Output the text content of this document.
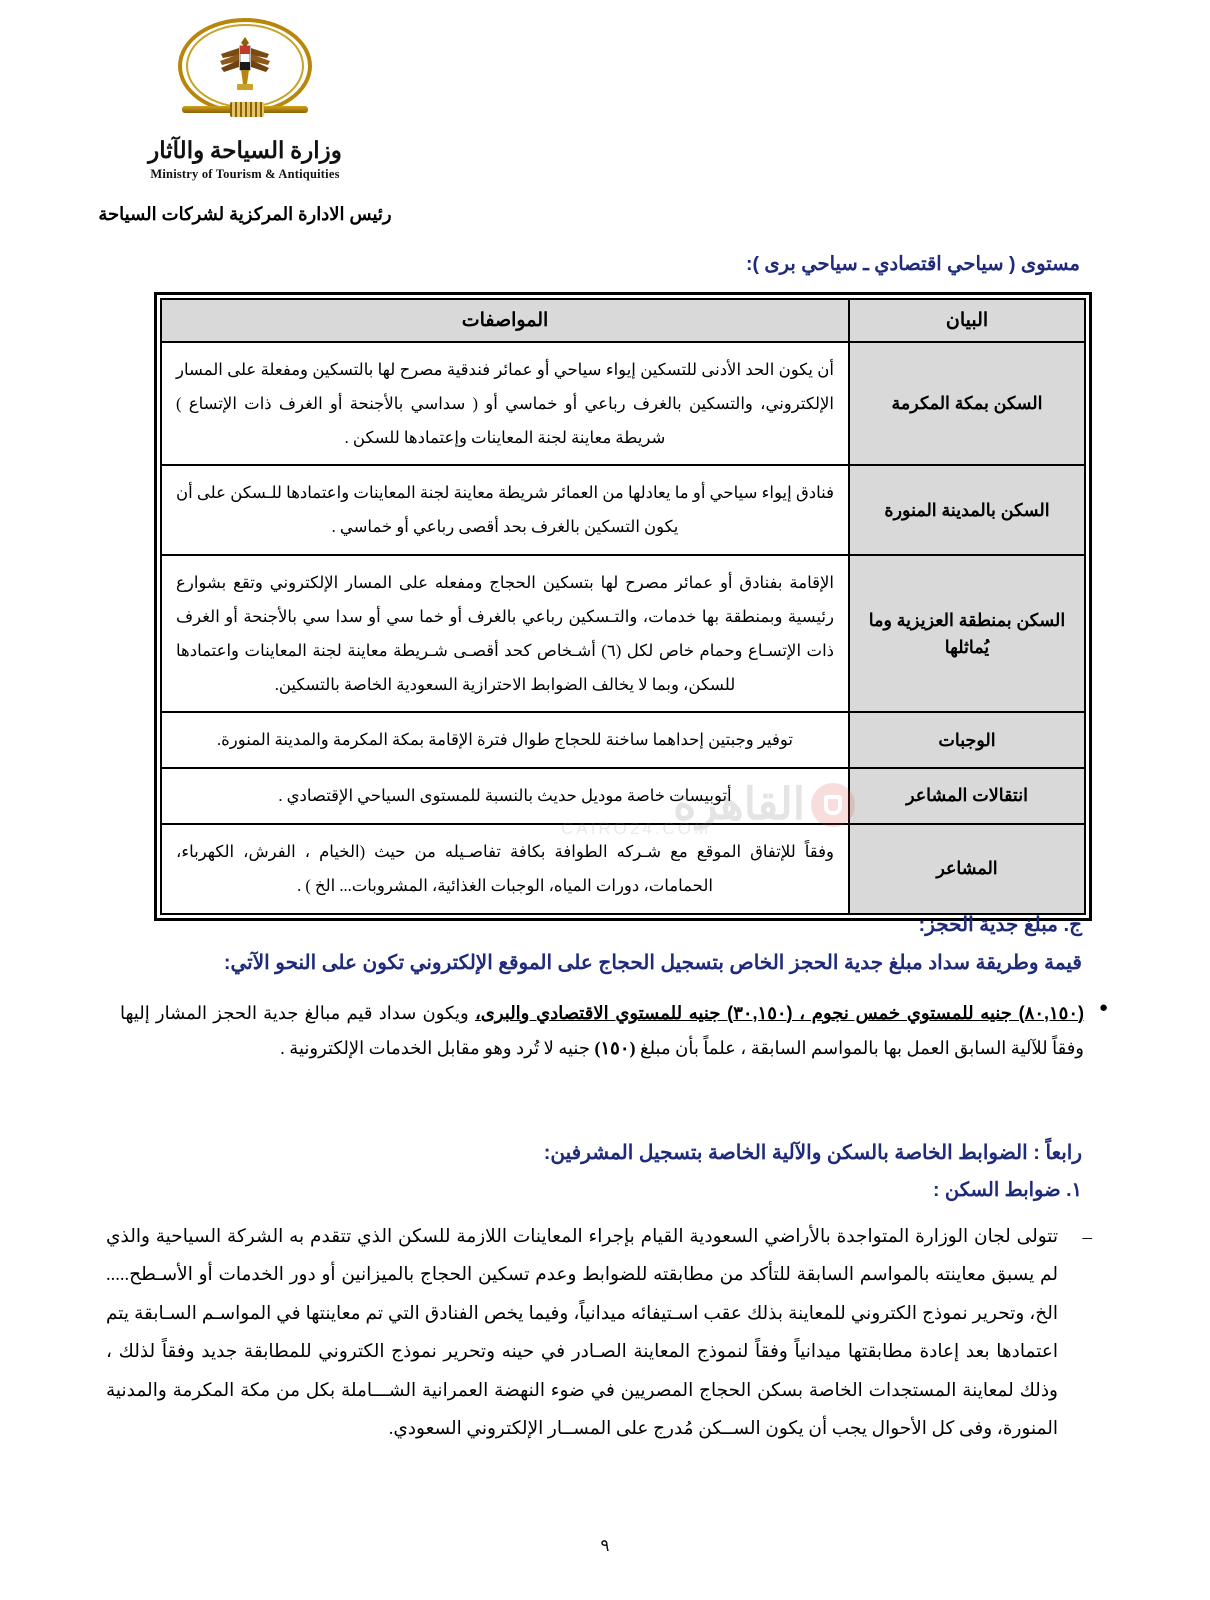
وزارة السياحة والآثار
Ministry of Tourism & Antiquities
رئيس الادارة المركزية لشركات السياحة
مستوى ( سياحي اقتصادي ـ سياحي برى ):
البيان	المواصفات
السكن بمكة المكرمة	أن يكون الحد الأدنى للتسكين إيواء سياحي أو عمائر فندقية مصرح لها بالتسكين ومفعلة على المسار الإلكتروني، والتسكين بالغرف رباعي أو خماسي أو ( سداسي بالأجنحة أو الغرف ذات الإتساع ) شريطة معاينة لجنة المعاينات وإعتمادها للسكن .
السكن بالمدينة المنورة	فنادق إيواء سياحي أو ما يعادلها من العمائر شريطة معاينة لجنة المعاينات واعتمادها للـسكن على أن يكون التسكين بالغرف بحد أقصى رباعي أو خماسي .
السكن بمنطقة العزيزية وما يُماثلها	الإقامة بفنادق أو عمائر مصرح لها بتسكين الحجاج ومفعله على المسار الإلكتروني وتقع بشوارع رئيسية وبمنطقة بها خدمات، والتـسكين رباعي بالغرف أو خما سي أو سدا سي بالأجنحة أو الغرف ذات الإتسـاع وحمام خاص لكل (٦) أشـخاص كحد أقصـى شـريطة معاينة لجنة المعاينات واعتمادها للسكن، وبما لا يخالف الضوابط الاحترازية السعودية الخاصة بالتسكين.
الوجبات	توفير وجبتين إحداهما ساخنة للحجاج طوال فترة الإقامة بمكة المكرمة والمدينة المنورة.
انتقالات المشاعر	أتوبيسات خاصة موديل حديث بالنسبة للمستوى السياحي الإقتصادي .
المشاعر	وفقاً للإتفاق الموقع مع شـركه الطوافة بكافة تفاصـيله من حيث (الخيام ، الفرش، الكهرباء، الحمامات، دورات المياه، الوجبات الغذائية، المشروبات... الخ ) .
ج. مبلغ جدية الحجز:
قيمة وطريقة سداد مبلغ جدية الحجز الخاص بتسجيل الحجاج على الموقع الإلكتروني تكون على النحو الآتي:
● (٨٠,١٥٠) جنيه للمستوي خمس نجوم ، (٣٠,١٥٠) جنيه للمستوي الاقتصادي والبرى، ويكون سداد قيم مبالغ جدية الحجز المشار إليها وفقاً للآلية السابق العمل بها بالمواسم السابقة ، علماً بأن مبلغ (١٥٠) جنيه لا تُرد وهو مقابل الخدمات الإلكترونية .
رابعاً : الضوابط الخاصة بالسكن والآلية الخاصة بتسجيل المشرفين:
١. ضوابط السكن :
– تتولى لجان الوزارة المتواجدة بالأراضي السعودية القيام بإجراء المعاينات اللازمة للسكن الذي تتقدم به الشركة السياحية والذي لم يسبق معاينته بالمواسم السابقة للتأكد من مطابقته للضوابط وعدم تسكين الحجاج بالميزانين أو دور الخدمات أو الأسـطح..... الخ، وتحرير نموذج الكتروني للمعاينة بذلك عقب اسـتيفائه ميدانياً، وفيما يخص الفنادق التي تم معاينتها في المواسـم السـابقة يتم اعتمادها بعد إعادة مطابقتها ميدانياً وفقاً لنموذج المعاينة الصـادر في حينه وتحرير نموذج الكتروني للمطابقة جديد وفقاً لذلك ، وذلك لمعاينة المستجدات الخاصة بسكن الحجاج المصريين في ضوء النهضة العمرانية الشـــاملة بكل من مكة المكرمة والمدنية المنورة، وفى كل الأحوال يجب أن يكون الســكن مُدرج على المســار الإلكتروني السعودي.
٩
